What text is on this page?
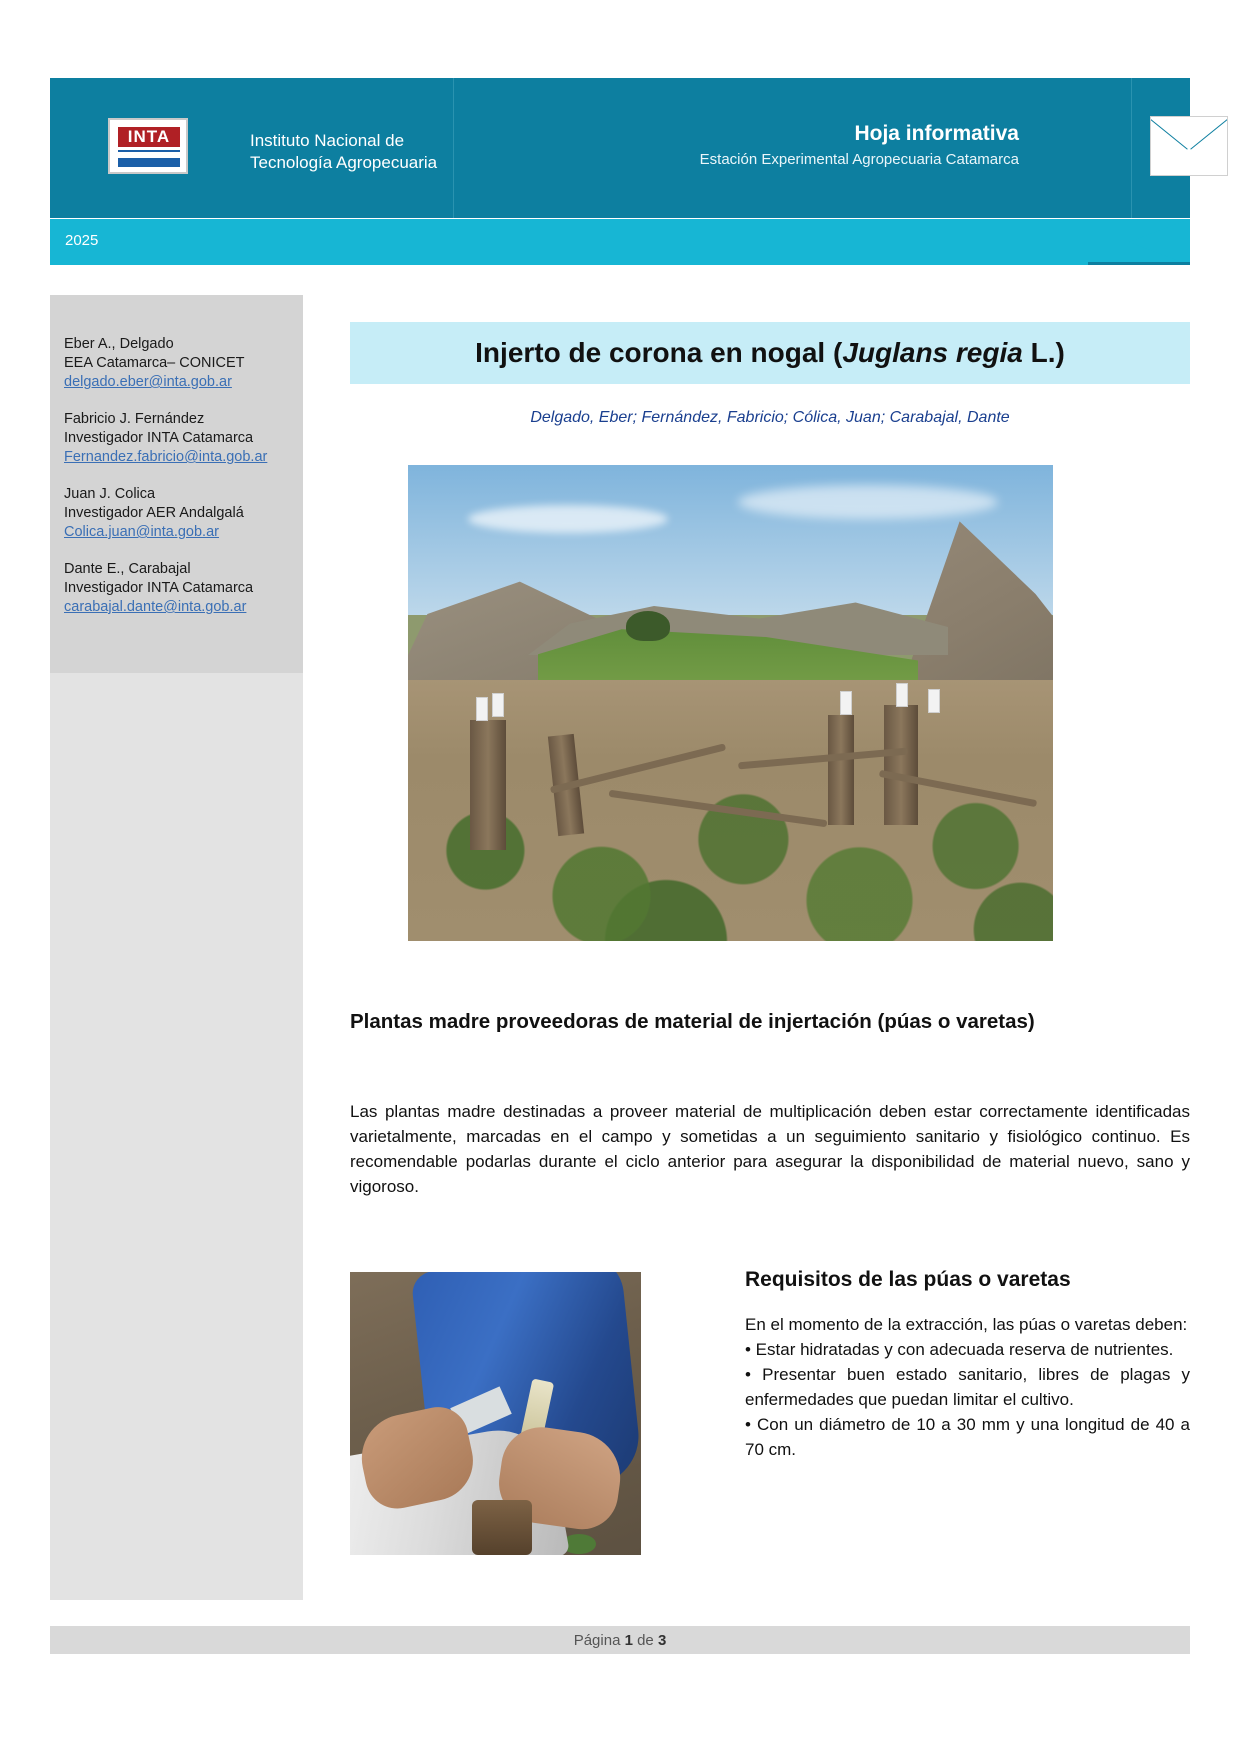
INTA	Instituto Nacional de
Tecnología Agropecuaria
Hoja informativa
Estación Experimental Agropecuaria Catamarca
2025
Eber A., Delgado
EEA Catamarca– CONICET
delgado.eber@inta.gob.ar
Fabricio J. Fernández
Investigador INTA Catamarca
Fernandez.fabricio@inta.gob.ar
Juan J. Colica
Investigador AER Andalgalá
Colica.juan@inta.gob.ar
Dante E., Carabajal
Investigador INTA Catamarca
carabajal.dante@inta.gob.ar
Injerto de corona en nogal (Juglans regia L.)
Delgado, Eber; Fernández, Fabricio; Cólica, Juan; Carabajal, Dante
Plantas madre proveedoras de material de injertación (púas o varetas)
Las plantas madre destinadas a proveer material de multiplicación deben estar correctamente identificadas varietalmente, marcadas en el campo y sometidas a un seguimiento sanitario y fisiológico continuo. Es recomendable podarlas durante el ciclo anterior para asegurar la disponibilidad de material nuevo, sano y vigoroso.
Requisitos de las púas o varetas

En el momento de la extracción, las púas o varetas deben:

• Estar hidratadas y con adecuada reserva de nutrientes.

• Presentar buen estado sanitario, libres de plagas y enfermedades que puedan limitar el cultivo.

• Con un diámetro de 10 a 30 mm y una longitud de 40 a 70 cm.

Página 1 de 3
